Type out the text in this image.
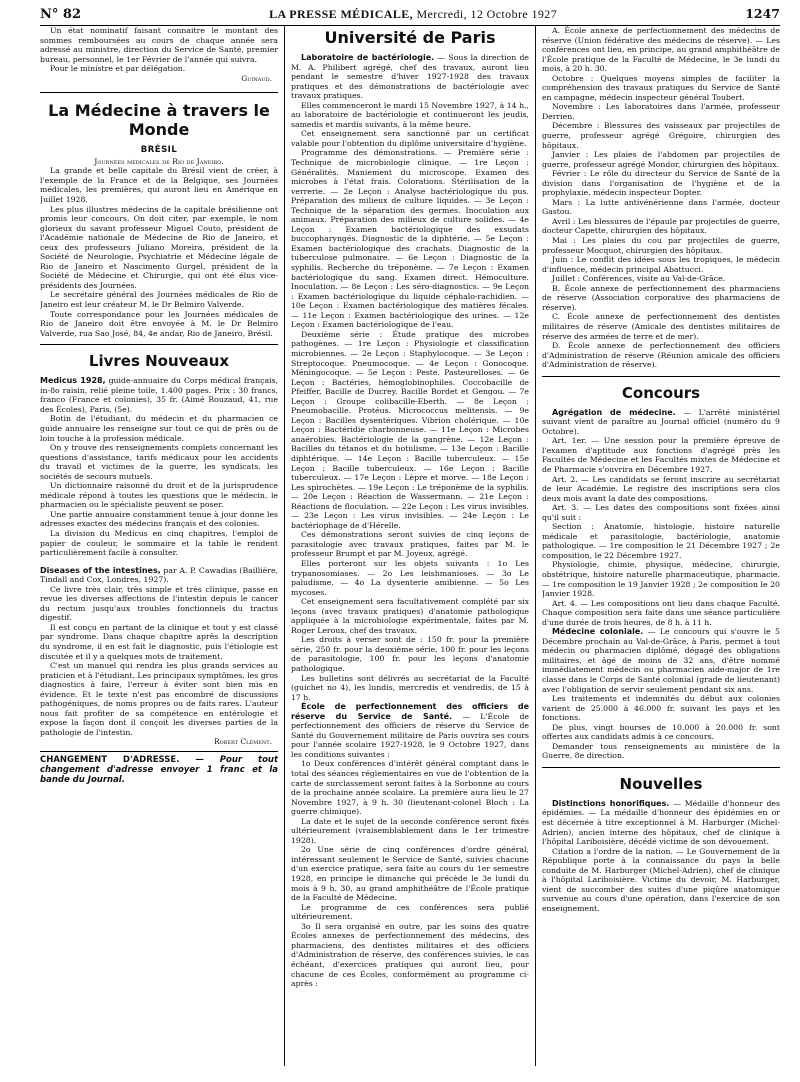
N° 82	LA PRESSE MÉDICALE, Mercredi, 12 Octobre 1927	1247

Un état nominatif faisant connaitre le montant des sommes remboursées au cours de chaque année sera adressé au ministre, direction du Service de Santé, premier bureau, personnel, le 1er Février de l'année qui suivra.

Pour le ministre et par délégation.

Guinaud.
La Médecine à travers le Monde
BRÉSIL
Journées médicales de Rio de Janeiro.

La grande et belle capitale du Brésil vient de créer, à l'exemple de la France et de la Belgique, ses Journées médicales, les premières, qui auront lieu en Amérique en Juillet 1928.

Les plus illustres médecins de la capitale brésilienne ont promis leur concours. On doit citer, par exemple, le nom glorieux du savant professeur Miguel Couto, président de l'Académie nationale de Médecine de Rio de Janeiro, et ceux des professeurs Juliano Moreira, président de la Société de Neurologie, Psychiatrie et Médecine légale de Rio de Janeiro et Nascimento Gurgel, président de la Société de Médecine et Chirurgie, qui ont été élus vice-présidents des Journées.

Le secrétaire général des Journées médicales de Rio de Janeiro est leur créateur M. le Dr Belmiro Valverde.

Toute correspondance pour les Journées médicales de Rio de Janeiro doit être envoyée à M. le Dr Belmiro Valverde, rua Sao José, 84, 4e andar, Rio de Janeiro, Brésil.

Livres Nouveaux

Medicus 1928, guide-annuaire du Corps médical français, in-8o raisin, relié pleine toile, 1.400 pages. Prix : 30 francs, franco (France et colonies), 35 fr. (Aimé Rouzaud, 41, rue des Écoles), Paris, (5e).

Botin de l'étudiant, du médecin et du pharmacien ce guide annuaire les renseigne sur tout ce qui de près ou de loin touche à la profession médicale.

On y trouve des renseignements complets concernant les questions d'assistance, tarifs médicaux pour les accidents du travail et victimes de la guerre, les syndicats, les sociétés de secours mutuels.

Un dictionnaire raisonné du droit et de la jurisprudence médicale répond à toutes les questions que le médecin, le pharmacien ou le spécialiste peuvent se poser.

Une partie annuaire constamment tenue à jour donne les adresses exactes des médecins français et des colonies.

La division du Medicus en cinq chapitres, l'emploi de papier de couleur, le sommaire et la table le rendent particulièrement facile à consulter.

Diseases of the intestines, par A. P. Cawadias (Bailliére, Tindall and Cox, Londres, 1927).

Ce livre très clair, très simple et très clinique, passe en revue les diverses affections de l'intestin depuis le cancer du rectum jusqu'aux troubles fonctionnels du tractus digestif.

Il est conçu en partant de la clinique et tout y est classé par syndrome. Dans chaque chapitre après la description du syndrome, il en est fait le diagnostic, puis l'étiologie est discutée et il y a quelques mots de traitement.

C'est un manuel qui rendra les plus grands services au praticien et à l'étudiant. Les principaux symptômes, les gros diagnostics à faire, l'erreur à éviter sont bien mis en évidence. Et le texte n'est pas encombré de discussions pathogéniques, de noms propres ou de faits rares. L'auteur nous fait profiter de sa compétence en entérologie et expose la façon dont il conçoit les diverses parties de la pathologie de l'intestin.

Robert Clément.
CHANGEMENT D'ADRESSE. — Pour tout changement d'adresse envoyer 1 franc et la bande du Journal.
Université de Paris

Laboratoire de bactériologie. — Sous la direction de M. A. Philibert agrégé, chef des travaux, auront lieu pendant le semestre d'hiver 1927-1928 des travaux pratiques et des démonstrations de bactériologie avec travaux pratiques.

Elles commenceront le mardi 15 Novembre 1927, à 14 h., au laboratoire de bactériologie et continueront les jeudis, samedis et mardis suivants, à la même heure.

Cet enseignement sera sanctionné par un certificat valable pour l'obtention du diplôme universitaire d'hygiène.

Programme des démonstrations. — Première série : Technique de microbiologie clinique. — 1re Leçon : Généralités. Maniement du microscope. Examen des microbes à l'état frais. Colorations. Stérilisation de la verrerie. — 2e Leçon : Analyse bactériologique du pus. Préparation des milieux de culture liquides. — 3e Leçon : Technique de la séparation des germes. Inoculation aux animaux. Préparation des milieux de culture solides. — 4e Leçon : Examen bactériologique des exsudats buccopharyngés. Diagnostic de la diphtérie. — 5e Leçon : Examen bactériologique des crachats. Diagnostic de la tuberculose pulmonaire. — 6e Leçon : Diagnostic de la syphilis. Recherche du tréponème. — 7e Leçon : Examen bactériologique du sang. Examen direct. Hémoculture. Inoculation. — 8e Leçon : Les séro-diagnostics. — 9e Leçon : Examen bactériologique du liquide céphalo-rachidien. — 10e Leçon : Examen bactériologique des matières fécales. — 11e Leçon : Examen bactériologique des urines. — 12e Leçon : Examen bactériologique de l'eau.

Deuxième série : Étude pratique des microbes pathogènes. — 1re Leçon : Physiologie et classification microbiennes. — 2e Leçon : Staphylocoque. — 3e Leçon : Streptocoque. Pneumocoque. — 4e Leçon : Gonocoque. Méningocoque. — 5e Leçon : Peste. Pasteurelloses. — 6e Leçon : Bactéries, hémoglobinophiles. Coccobacille de Pfeiffer, Bacille de Ducrey. Bacille Bordet et Gengou. — 7e Leçon : Groupe colibacille-Eberth. — 8e Leçon : Pneumobacille. Protéus. Micrococcus melitensis. — 9e Leçon : Bacilles dysentériques. Vibrion cholérique. — 10e Leçon : Bactéridie charbonneuse. — 11e Leçon : Microbes anaérobies. Bactériologie de la gangrène. — 12e Leçon : Bacilles du tétanos et du botulisme. — 13e Leçon : Bacille diphtérique. — 14e Leçon : Bacille tuberculeux. — 15e Leçon : Bacille tuberculeux. — 16e Leçon : Bacille tuberculeux. — 17e Leçon : Lèpre et morve. — 18e Leçon : Les spirochètes. — 19e Leçon : Le tréponème de la syphilis. — 20e Leçon : Réaction de Wassermann. — 21e Leçon : Réactions de floculation. — 22e Leçon : Les virus invisibles. — 23e Leçon : Les virus invisibles. — 24e Leçon : Le bactériophage de d'Hérelle.

Ces démonstrations seront suivies de cinq leçons de parasitologie avec travaux pratiques, faites par M. le professeur Brumpt et par M. Joyeux, agrégé.

Elles porteront sur les objets suivants : 1o Les trypanosomiases. — 2o Les leishmanioses. — 3o Le paludisme. — 4o La dysenterie amibienne. — 5o Les mycoses.

Cet enseignement sera facultativement complété par six leçons (avec travaux pratiques) d'anatomie pathologique appliquée à la microbiologie expérimentale, faites par M. Roger Leroux, chef des travaux.

Les droits à verser sont de : 150 fr. pour la première série, 250 fr. pour la deuxième série, 100 fr. pour les leçons de parasitologie, 100 fr. pour les leçons d'anatomie pathologique.

Les bulletins sont délivrés au secrétariat de la Faculté (guichet no 4), les lundis, mercredis et vendredis, de 15 à 17 h.

École de perfectionnement des officiers de réserve du Service de Santé. — L'École de perfectionnement des officiers de réserve du Service de Santé du Gouvernement militaire de Paris ouvrira ses cours pour l'année scolaire 1927-1928, le 9 Octobre 1927, dans les conditions suivantes :

1o Deux conférences d'intérêt général comptant dans le total des séances réglementaires en vue de l'obtention de la carte de surclassement seront faites à la Sorbonne au cours de la prochaine année scolaire. La première aura lieu le 27 Novembre 1927, à 9 h. 30 (lieutenant-colonel Bloch : La guerre chimique).

La date et le sujet de la seconde conférence seront fixés ultérieurement (vraisemblablement dans le 1er trimestre 1928).

2o Une série de cinq conférences d'ordre général, intéressant seulement le Service de Santé, suivies chacune d'un exercice pratique, sera faite au cours du 1er semestre 1928, en principe le dimanche qui précède le 3e lundi du mois à 9 h. 30, au grand amphithéâtre de l'École pratique de la Faculté de Médecine.

Le programme de ces conférences sera publié ultérieurement.

3o Il sera organisé en outre, par les soins des quatre Écoles annexes de perfectionnement des médecins, des pharmaciens, des dentistes militaires et des officiers d'Administration de réserve, des conférences suivies, le cas échéant, d'exercices pratiques qui auront lieu, pour chacune de ces Écoles, conformément au programme ci-après :

A. École annexe de perfectionnement des médecins de réserve (Union fédérative des médecins de réserve). — Les conférences ont lieu, en principe, au grand amphithéâtre de l'École pratique de la Faculté de Médecine, le 3e lundi du mois, à 20 h. 30.

Octobre : Quelques moyens simples de faciliter la compréhension des travaux pratiques du Service de Santé en campagne, médecin inspecteur général Toubert.

Novembre : Les laboratoires dans l'armée, professeur Derrien.

Décembre : Blessures des vaisseaux par projectiles de guerre, professeur agrégé Grégoire, chirurgien des hôpitaux.

Janvier : Les plaies de l'abdomen par projectiles de guerre, professeur agrégé Mondor, chirurgien des hôpitaux.

Février : Le rôle du directeur du Service de Santé de la division dans l'organisation de l'hygiène et de la prophylaxie, médecin inspecteur Dopter.

Mars : La lutte antivénérienne dans l'armée, docteur Gastou.

Avril : Les blessures de l'épaule par projectiles de guerre, docteur Capette, chirurgien des hôpitaux.

Mai : Les plaies du cou par projectiles de guerre, professeur Mocquot, chirurgien des hôpitaux.

Juin : Le conflit des idées sous les tropiques, le médecin d'influence, médecin principal Abattucci.

Juillet : Conférences, visite au Val-de-Grâce.

B. École annexe de perfectionnement des pharmaciens de réserve (Association corporative des pharmaciens de réserve).

C. École annexe de perfectionnement des dentistes militaires de réserve (Amicale des dentistes militaires de réserve des armées de terre et de mer).

D. École annexe de perfectionnement des officiers d'Administration de réserve (Réunion amicale des officiers d'Administration de réserve).

Concours

Agrégation de médecine. — L'arrêté ministériel suivant vient de paraître au Journal officiel (numéro du 9 Octobre).

Art. 1er. — Une session pour la première épreuve de l'examen d'aptitude aux fonctions d'agrégé près les Facultés de Médecine et les Facultés mixtes de Médecine et de Pharmacie s'ouvrira en Décembre 1927.

Art. 2. — Les candidats se feront inscrire au secrétariat de leur Académie. Le registre des inscriptions sera clos deux mois avant la date des compositions.

Art. 3. — Les dates des compositions sont fixées ainsi qu'il suit :

Section : Anatomie, histologie, histoire naturelle médicale et parasitologie, bactériologie, anatomie pathologique. — 1re composition le 21 Décembre 1927 ; 2e composition, le 22 Décembre 1927.

Physiologie, chimie, physique, médecine, chirurgie, obstétrique, histoire naturelle pharmaceutique, pharmacie. — 1re composition le 19 Janvier 1928 ; 2e composition le 20 Janvier 1928.

Art. 4. — Les compositions ont lieu dans chaque Faculté. Chaque composition sera faite dans une séance particulière d'une durée de trois heures, de 8 h. à 11 h.

Médecine coloniale. — Le concours qui s'ouvre le 5 Décembre prochain au Val-de-Grâce, à Paris, permet à tout médecin ou pharmacien diplômé, dégagé des obligations militaires, et âgé de moins de 32 ans, d'être nommé immédiatement médecin ou pharmacien aide-major de 1re classe dans le Corps de Santé colonial (grade de lieutenant) avec l'obligation de servir seulement pendant six ans.

Les traitements et indemnités du début aux colonies varient de 25.000 à 46.000 fr. suivant les pays et les fonctions.

De plus, vingt bourses de 10.000 à 20.000 fr. sont offertes aux candidats admis à ce concours.

Demander tous renseignements au ministère de la Guerre, 8e direction.

Nouvelles

Distinctions honorifiques. — Médaille d'honneur des épidémies. — La médaille d'honneur des épidémies en or est décernée à titre exceptionnel à M. Harburger (Michel-Adrien), ancien interne des hôpitaux, chef de clinique à l'hôpital Lariboisière, décédé victime de son dévouement.

Citation a l'ordre de la nation. — Le Gouvernement de la République porte à la connaissance du pays la belle conduite de M. Harburger (Michel-Adrien), chef de clinique à l'hôpital Lariboisière. Victime du devoir, M. Harburger, vient de succomber des suites d'une piqûre anatomique survenue au cours d'une opération, dans l'exercice de son enseignement.
